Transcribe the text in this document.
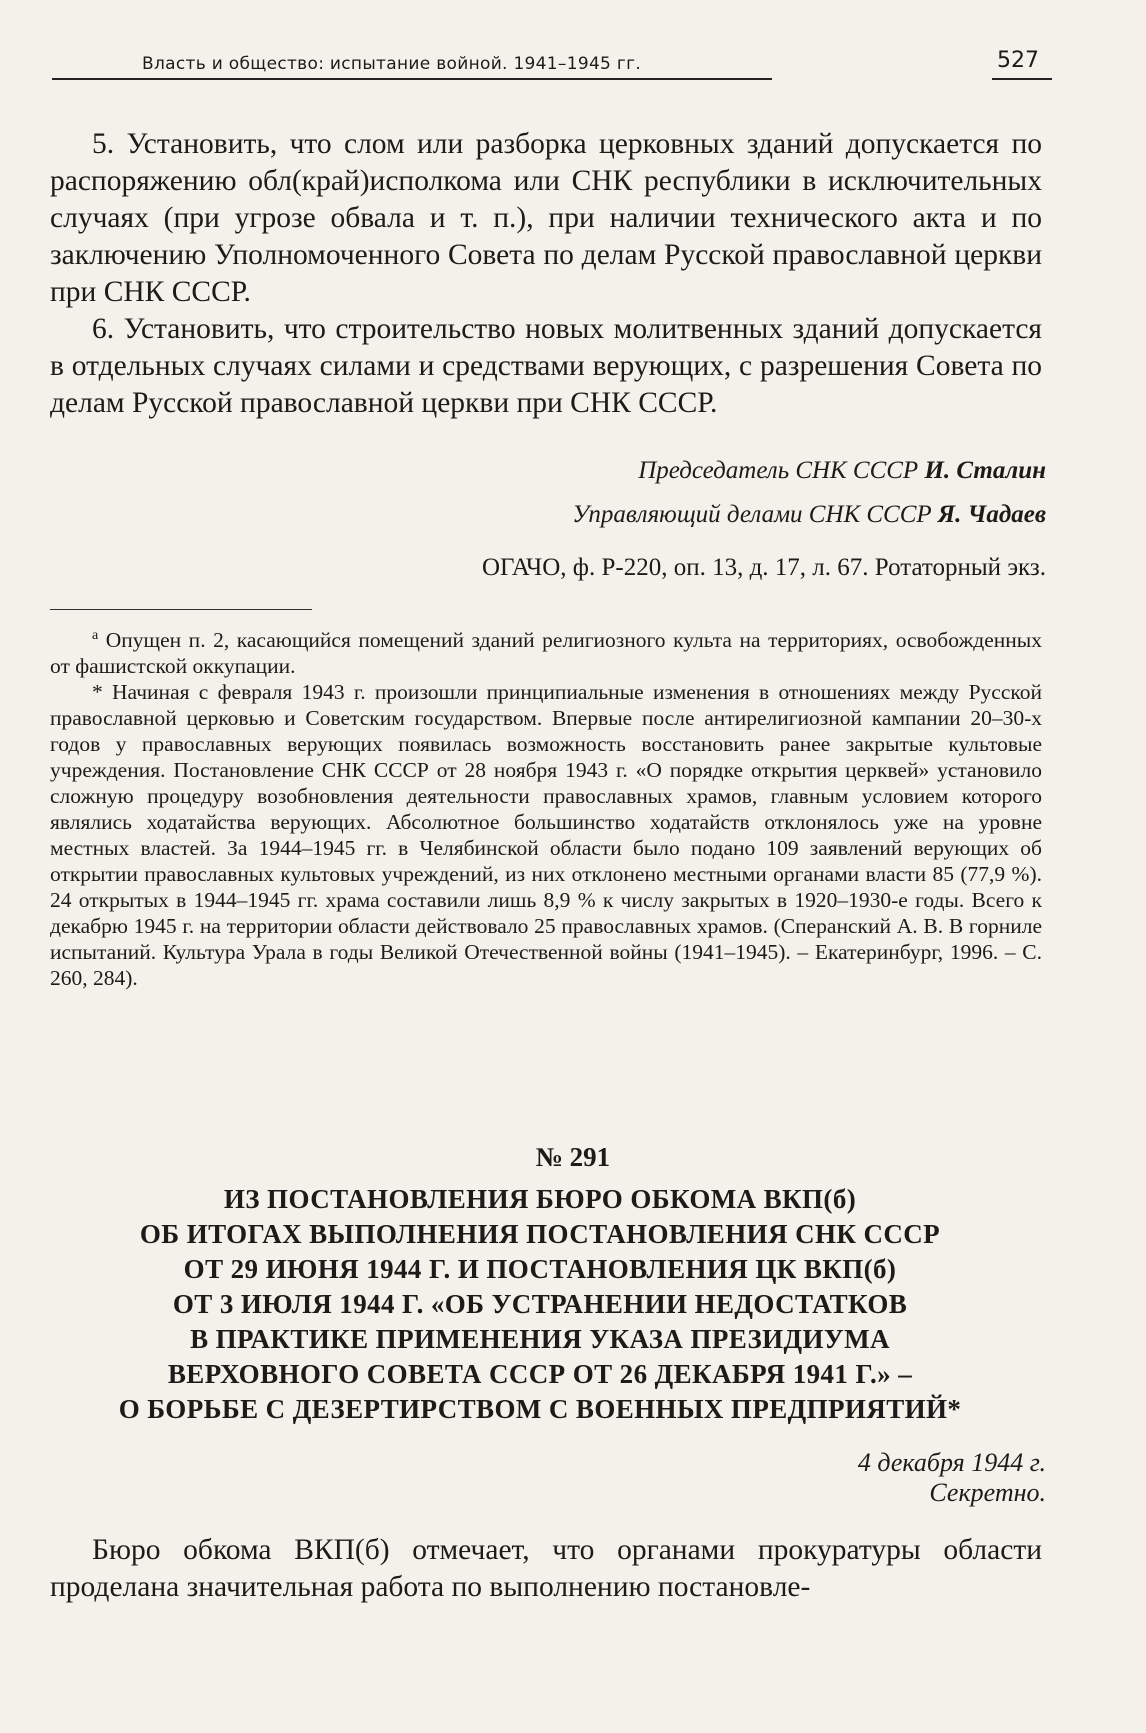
Власть и общество: испытание войной. 1941–1945 гг.	527

5. Установить, что слом или разборка церковных зданий допускается по распоряжению обл(край)исполкома или СНК республики в исключительных случаях (при угрозе обвала и т. п.), при наличии технического акта и по заключению Уполномоченного Совета по делам Русской православной церкви при СНК СССР.

6. Установить, что строительство новых молитвенных зданий допускается в отдельных случаях силами и средствами верующих, с разрешения Совета по делам Русской православной церкви при СНК СССР.

Председатель СНК СССР И. Сталин
Управляющий делами СНК СССР Я. Чадаев
ОГАЧО, ф. Р-220, оп. 13, д. 17, л. 67. Ротаторный экз.

$^а$ Опущен п. 2, касающийся помещений зданий религиозного культа на территориях, освобожденных от фашистской оккупации.

* Начиная с февраля 1943 г. произошли принципиальные изменения в отношениях между Русской православной церковью и Советским государством. Впервые после антирелигиозной кампании 20–30-х годов у православных верующих появилась возможность восстановить ранее закрытые культовые учреждения. Постановление СНК СССР от 28 ноября 1943 г. «О порядке открытия церквей» установило сложную процедуру возобновления деятельности православных храмов, главным условием которого являлись ходатайства верующих. Абсолютное большинство ходатайств отклонялось уже на уровне местных властей. За 1944–1945 гг. в Челябинской области было подано 109 заявлений верующих об открытии православных культовых учреждений, из них отклонено местными органами власти 85 (77,9 %). 24 открытых в 1944–1945 гг. храма составили лишь 8,9 % к числу закрытых в 1920–1930-е годы. Всего к декабрю 1945 г. на территории области действовало 25 православных храмов. (Сперанский А. В. В горниле испытаний. Культура Урала в годы Великой Отечественной войны (1941–1945). – Екатеринбург, 1996. – С. 260, 284).

№ 291
ИЗ ПОСТАНОВЛЕНИЯ БЮРО ОБКОМА ВКП(б)
ОБ ИТОГАХ ВЫПОЛНЕНИЯ ПОСТАНОВЛЕНИЯ СНК СССР
ОТ 29 ИЮНЯ 1944 Г. И ПОСТАНОВЛЕНИЯ ЦК ВКП(б)
ОТ 3 ИЮЛЯ 1944 Г. «ОБ УСТРАНЕНИИ НЕДОСТАТКОВ
В ПРАКТИКЕ ПРИМЕНЕНИЯ УКАЗА ПРЕЗИДИУМА
ВЕРХОВНОГО СОВЕТА СССР ОТ 26 ДЕКАБРЯ 1941 Г.» –
О БОРЬБЕ С ДЕЗЕРТИРСТВОМ С ВОЕННЫХ ПРЕДПРИЯТИЙ*
4 декабря 1944 г.
Секретно.

Бюро обкома ВКП(б) отмечает, что органами прокуратуры области проделана значительная работа по выполнению постановле-
